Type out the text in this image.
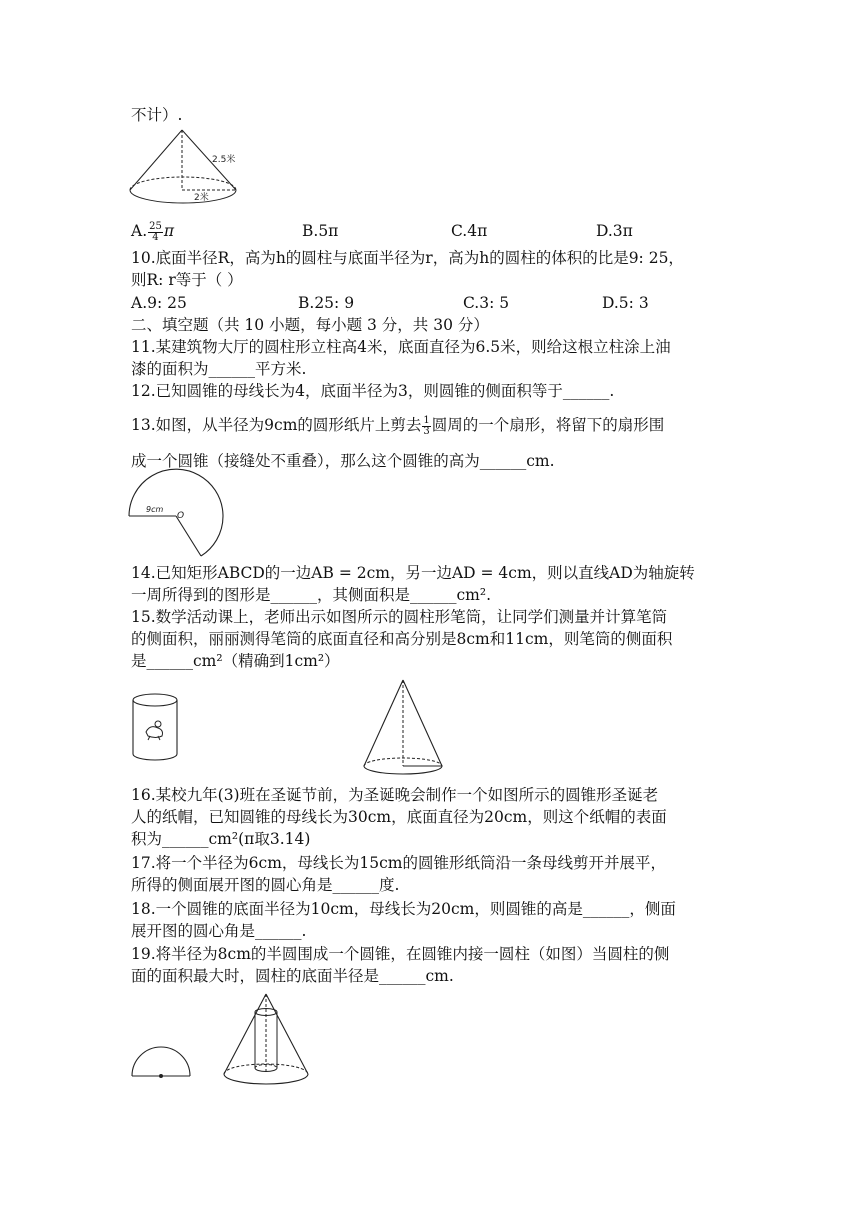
不计）.
2.5米
2米
A. $\frac{25}{4}$ π	B.5π	C.4π	D.3π
10.底面半径R，高为h的圆柱与底面半径为r，高为h的圆柱的体积的比是9: 25，
则R: r等于（ ）
A.9: 25	B.25: 9	C.3: 5	D.5: 3
二、填空题（共 10 小题，每小题 3 分，共 30 分）
11.某建筑物大厅的圆柱形立柱高4米，底面直径为6.5米，则给这根立柱涂上油
漆的面积为______平方米.
12.已知圆锥的母线长为4，底面半径为3，则圆锥的侧面积等于______.
13.如图，从半径为9cm的圆形纸片上剪去 $\frac{1}{3}$ 圆周的一个扇形，将留下的扇形围
成一个圆锥（接缝处不重叠），那么这个圆锥的高为______cm.
9cm
O
14.已知矩形ABCD的一边AB = 2cm，另一边AD = 4cm，则以直线AD为轴旋转
一周所得到的图形是______，其侧面积是______cm².
15.数学活动课上，老师出示如图所示的圆柱形笔筒，让同学们测量并计算笔筒
的侧面积，丽丽测得笔筒的底面直径和高分别是8cm和11cm，则笔筒的侧面积
是______cm²（精确到1cm²）
16.某校九年(3)班在圣诞节前，为圣诞晚会制作一个如图所示的圆锥形圣诞老
人的纸帽，已知圆锥的母线长为30cm，底面直径为20cm，则这个纸帽的表面
积为______cm²(π取3.14)
17.将一个半径为6cm，母线长为15cm的圆锥形纸筒沿一条母线剪开并展平，
所得的侧面展开图的圆心角是______度.
18.一个圆锥的底面半径为10cm，母线长为20cm，则圆锥的高是______，侧面
展开图的圆心角是______.
19.将半径为8cm的半圆围成一个圆锥，在圆锥内接一圆柱（如图）当圆柱的侧
面的面积最大时，圆柱的底面半径是______cm.
